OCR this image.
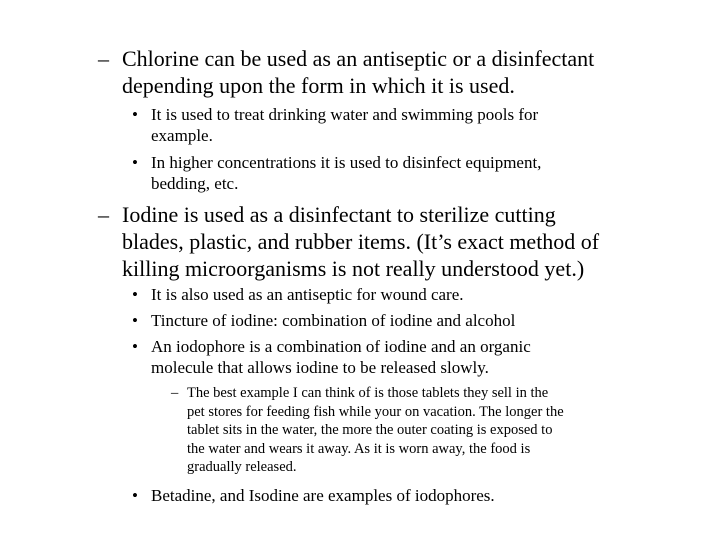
– Chlorine can be used as an antiseptic or a disinfectant
depending upon the form in which it is used.
• It is used to treat drinking water and swimming pools for
example.
• In higher concentrations it is used to disinfect equipment,
bedding, etc.
– Iodine is used as a disinfectant to sterilize cutting
blades, plastic, and rubber items. (It’s exact method of
killing microorganisms is not really understood yet.)
• It is also used as an antiseptic for wound care.
• Tincture of iodine: combination of iodine and alcohol
• An iodophore is a combination of iodine and an organic
molecule that allows iodine to be released slowly.
– The best example I can think of is those tablets they sell in the
pet stores for feeding fish while your on vacation. The longer the
tablet sits in the water, the more the outer coating is exposed to
the water and wears it away. As it is worn away, the food is
gradually released.
• Betadine, and Isodine are examples of iodophores.
